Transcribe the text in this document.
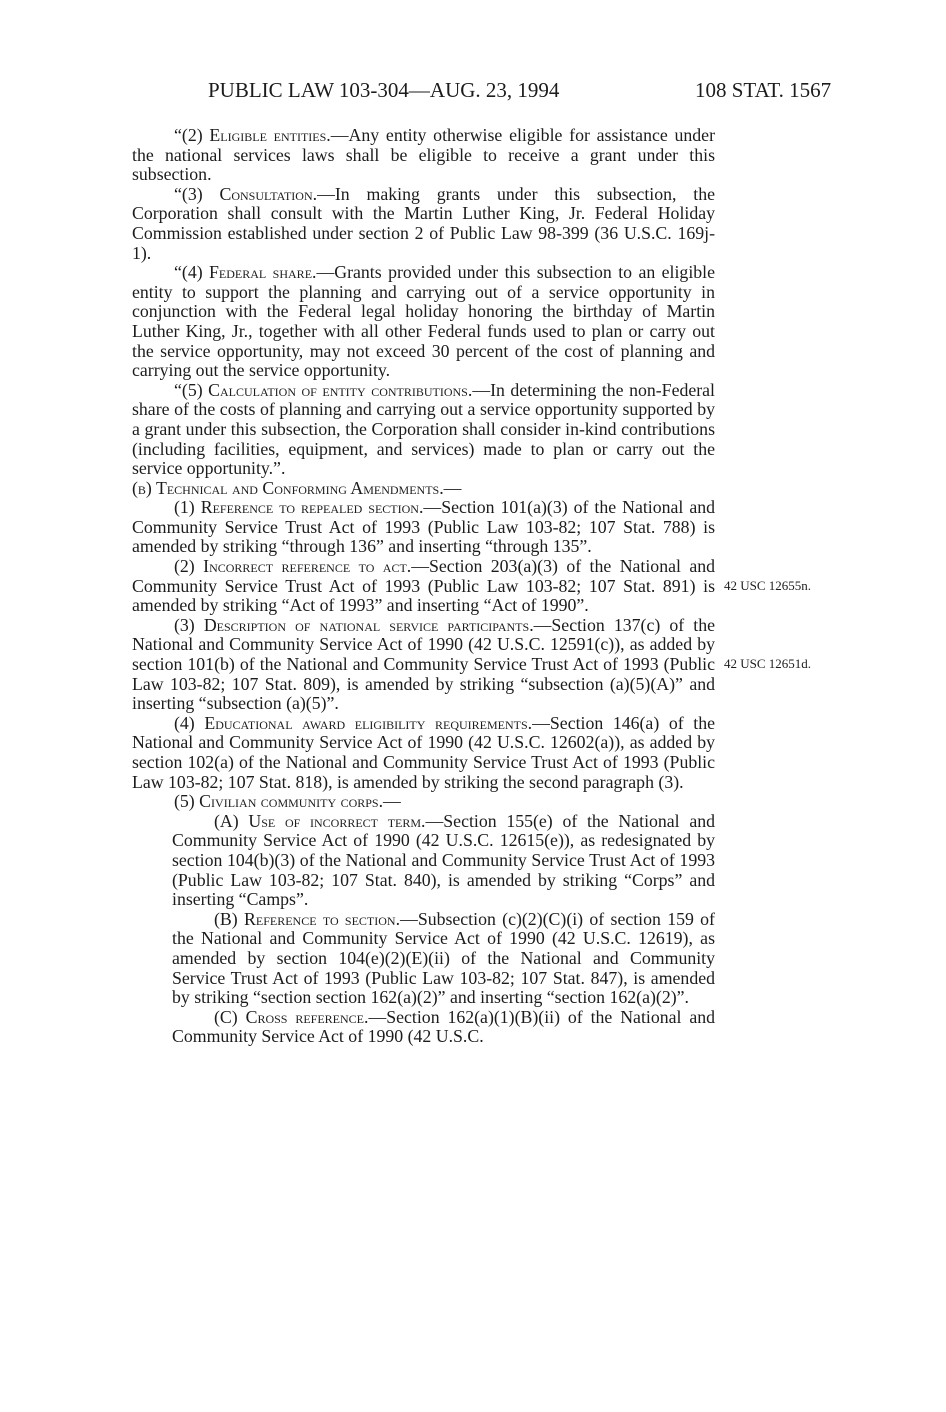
PUBLIC LAW 103-304—AUG. 23, 1994	108 STAT. 1567

“(2) Eligible entities.—Any entity otherwise eligible for assistance under the national services laws shall be eligible to receive a grant under this subsection.

“(3) Consultation.—In making grants under this subsection, the Corporation shall consult with the Martin Luther King, Jr. Federal Holiday Commission established under section 2 of Public Law 98-399 (36 U.S.C. 169j-1).

“(4) Federal share.—Grants provided under this subsection to an eligible entity to support the planning and carrying out of a service opportunity in conjunction with the Federal legal holiday honoring the birthday of Martin Luther King, Jr., together with all other Federal funds used to plan or carry out the service opportunity, may not exceed 30 percent of the cost of planning and carrying out the service opportunity.

“(5) Calculation of entity contributions.—In determining the non-Federal share of the costs of planning and carrying out a service opportunity supported by a grant under this subsection, the Corporation shall consider in-kind contributions (including facilities, equipment, and services) made to plan or carry out the service opportunity.”.

(b) Technical and Conforming Amendments.—

(1) Reference to repealed section.—Section 101(a)(3) of the National and Community Service Trust Act of 1993 (Public Law 103-82; 107 Stat. 788) is amended by striking “through 136” and inserting “through 135”.

(2) Incorrect reference to act.—Section 203(a)(3) of the National and Community Service Trust Act of 1993 (Public Law 103-82; 107 Stat. 891) is amended by striking “Act of 1993” and inserting “Act of 1990”.

(3) Description of national service participants.—Section 137(c) of the National and Community Service Act of 1990 (42 U.S.C. 12591(c)), as added by section 101(b) of the National and Community Service Trust Act of 1993 (Public Law 103-82; 107 Stat. 809), is amended by striking “subsection (a)(5)(A)” and inserting “subsection (a)(5)”.

(4) Educational award eligibility requirements.—Section 146(a) of the National and Community Service Act of 1990 (42 U.S.C. 12602(a)), as added by section 102(a) of the National and Community Service Trust Act of 1993 (Public Law 103-82; 107 Stat. 818), is amended by striking the second paragraph (3).

(5) Civilian community corps.—

(A) Use of incorrect term.—Section 155(e) of the National and Community Service Act of 1990 (42 U.S.C. 12615(e)), as redesignated by section 104(b)(3) of the National and Community Service Trust Act of 1993 (Public Law 103-82; 107 Stat. 840), is amended by striking “Corps” and inserting “Camps”.

(B) Reference to section.—Subsection (c)(2)(C)(i) of section 159 of the National and Community Service Act of 1990 (42 U.S.C. 12619), as amended by section 104(e)(2)(E)(ii) of the National and Community Service Trust Act of 1993 (Public Law 103-82; 107 Stat. 847), is amended by striking “section section 162(a)(2)” and inserting “section 162(a)(2)”.

(C) Cross reference.—Section 162(a)(1)(B)(ii) of the National and Community Service Act of 1990 (42 U.S.C.

42 USC 12655n.
42 USC 12651d.
